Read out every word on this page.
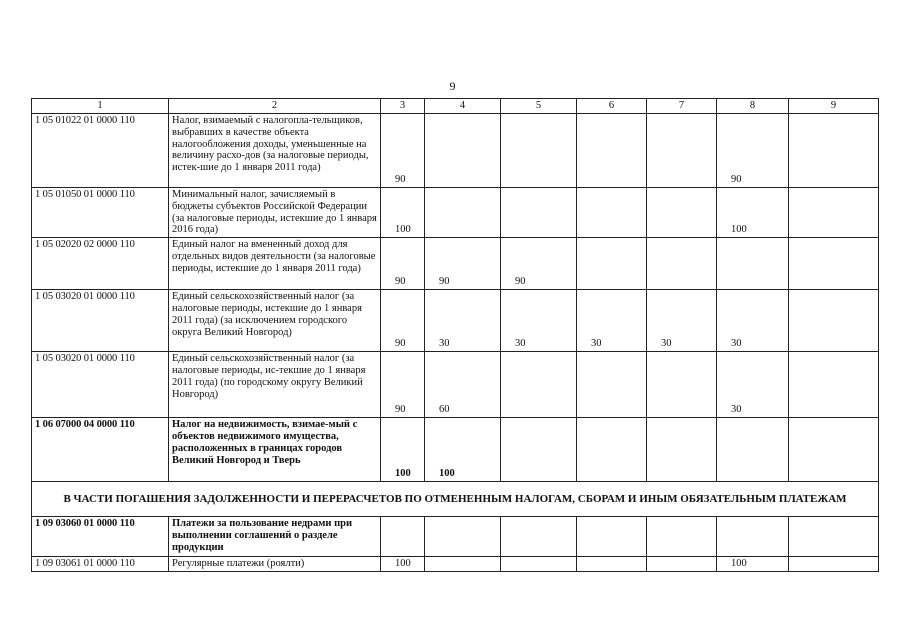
9
1	2	3	4	5	6	7	8	9
1 05 01022 01 0000 110	Налог, взимаемый с налогопла-тельщиков, выбравших в качестве объекта налогообложения доходы, уменьшенные на величину расхо-дов (за налоговые периоды, истек-шие до 1 января 2011 года)	90					90	
1 05 01050 01 0000 110	Минимальный налог, зачисляемый в бюджеты субъектов Российской Федерации (за налоговые периоды, истекшие до 1 января 2016 года)	100					100	
1 05 02020 02 0000 110	Единый налог на вмененный доход для отдельных видов деятельности (за налоговые периоды, истекшие до 1 января 2011 года)	90	90	90				
1 05 03020 01 0000 110	Единый сельскохозяйственный налог (за налоговые периоды, истекшие до 1 января 2011 года) (за исключением городского округа Великий Новгород)	90	30	30	30	30	30	
1 05 03020 01 0000 110	Единый сельскохозяйственный налог (за налоговые периоды, ис-текшие до 1 января 2011 года) (по городскому округу Великий Новгород)	90	60				30	
1 06 07000 04 0000 110	Налог на недвижимость, взимае-мый с объектов недвижимого имущества, расположенных в границах городов Великий Новгород и Тверь	100	100					
В ЧАСТИ ПОГАШЕНИЯ ЗАДОЛЖЕННОСТИ И ПЕРЕРАСЧЕТОВ ПО ОТМЕНЕННЫМ НАЛОГАМ, СБОРАМ И ИНЫМ ОБЯЗАТЕЛЬНЫМ ПЛАТЕЖАМ								
1 09 03060 01 0000 110	Платежи за пользование недрами при выполнении соглашений о разделе продукции							
1 09 03061 01 0000 110	Регулярные платежи (роялти)	100					100	
